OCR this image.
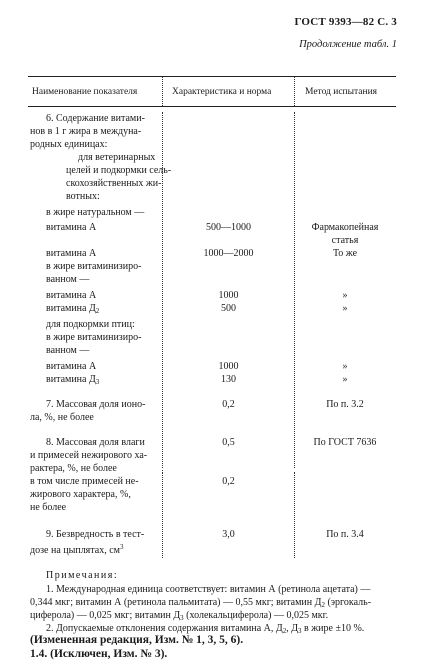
ГОСТ 9393—82 С. 3
Продолжение табл. 1
Наименование показателя	Характеристика и норма	Метод испытания
6. Содержание витами-
нов в 1 г жира в междуна-
родных единицах:
для ветеринарных
целей и подкормки сель-
скохозяйственных жи-
вотных:
в жире натуральном —
витамина А	500—1000	Фармакопейная
статья
витамина А	1000—2000	То же
в жире витаминизиро-
ванном —
витамина А	1000	»
витамина $Д_2$	500	»
для подкормки птиц:
в жире витаминизиро-
ванном —
витамина А	1000	»
витамина $Д_3$	130	»
7. Массовая доля ионо-
ла, %, не более
0,2	По п. 3.2
8. Массовая доля влаги
и примесей нежирового ха-
рактера, %, не более
0,5	По ГОСТ 7636
в том числе примесей не-
жирового характера, %,
не более
0,2
9. Безвредность в тест-
дозе на цыплятах, $см^3$
3,0	По п. 3.4
Примечания:
1. Международная единица соответствует: витамин А (ретинола ацетата) —
0,344 мкг; витамин А (ретинола пальмитата) — 0,55 мкг; витамин $Д_2$ (эргокаль-
циферола) — 0,025 мкг; витамин $Д_3$ (холекальциферола) — 0,025 мкг.
2. Допускаемые отклонения содержания витамина А, $Д_2$, $Д_3$ в жире ±10 %.
(Измененная редакция, Изм. № 1, 3, 5, 6).
1.4. (Исключен, Изм. № 3).
